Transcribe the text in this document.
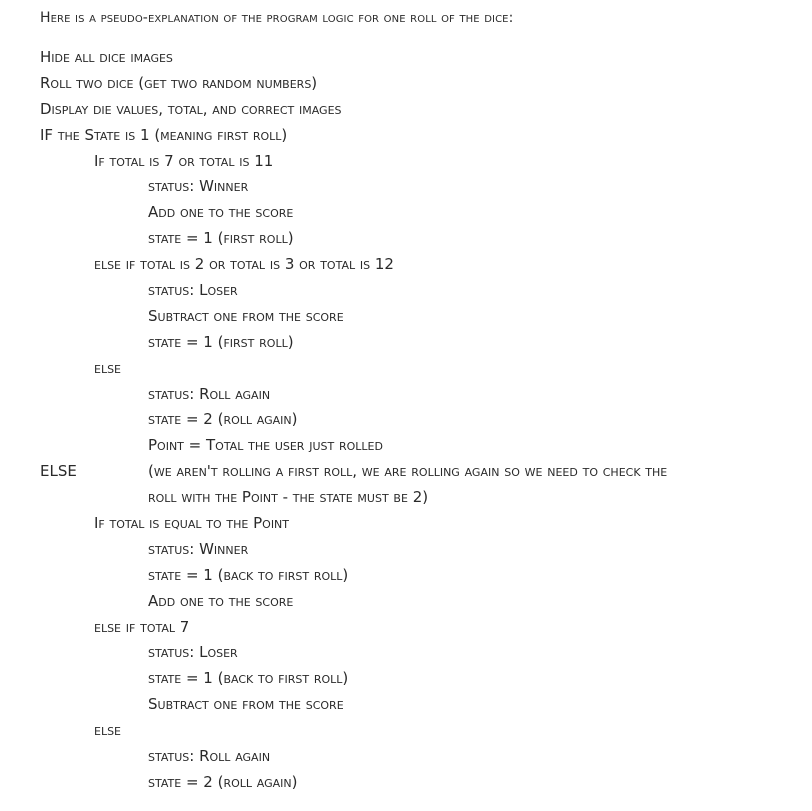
Here is a pseudo-explanation of the program logic for one roll of the dice:

Hide all dice images
Roll two dice (get two random numbers)
Display die values, total, and correct images
IF the State is 1 (meaning first roll)
If total is 7 or total is 11
status: Winner
Add one to the score
state = 1 (first roll)
else if total is 2 or total is 3 or total is 12
status: Loser
Subtract one from the score
state = 1 (first roll)
else
status: Roll again
state = 2 (roll again)
Point = Total the user just rolled
ELSE	(we aren't rolling a first roll, we are rolling again so we need to check the
roll with the Point - the state must be 2)
If total is equal to the Point
status: Winner
state = 1 (back to first roll)
Add one to the score
else if total 7
status: Loser
state = 1 (back to first roll)
Subtract one from the score
else
status: Roll again
state = 2 (roll again)
